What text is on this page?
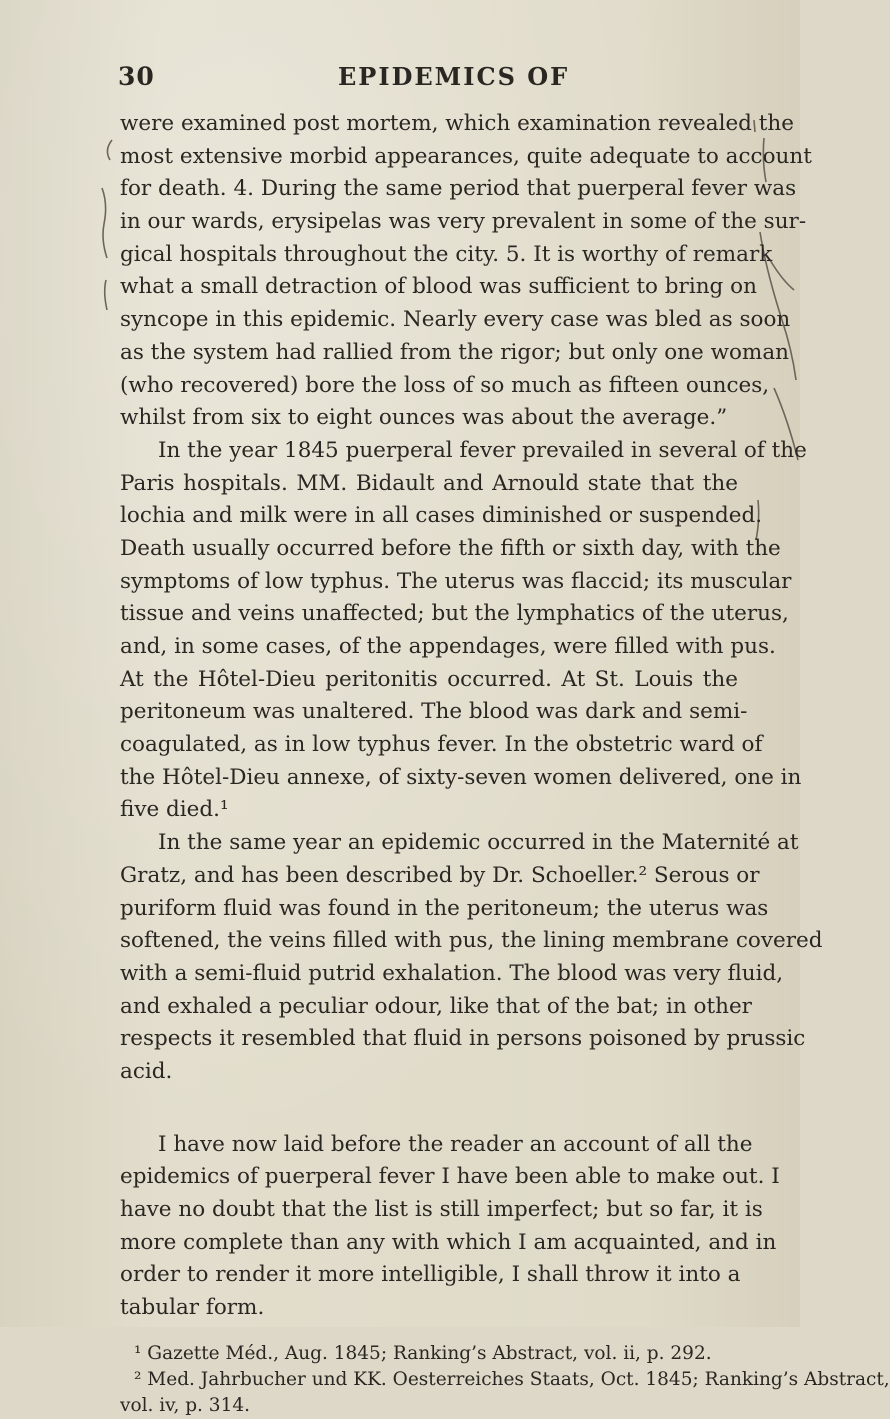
30	EPIDEMICS OF
were examined post mortem, which examination revealed the
most extensive morbid appearances, quite adequate to account
for death. 4. During the same period that puerperal fever was
in our wards, erysipelas was very prevalent in some of the sur-
gical hospitals throughout the city. 5. It is worthy of remark
what a small detraction of blood was sufficient to bring on
syncope in this epidemic. Nearly every case was bled as soon
as the system had rallied from the rigor; but only one woman
(who recovered) bore the loss of so much as fifteen ounces,
whilst from six to eight ounces was about the average.”
In the year 1845 puerperal fever prevailed in several of the
Paris hospitals. MM. Bidault and Arnould state that the
lochia and milk were in all cases diminished or suspended.
Death usually occurred before the fifth or sixth day, with the
symptoms of low typhus. The uterus was flaccid; its muscular
tissue and veins unaffected; but the lymphatics of the uterus,
and, in some cases, of the appendages, were filled with pus.
At the Hôtel-Dieu peritonitis occurred. At St. Louis the
peritoneum was unaltered. The blood was dark and semi-
coagulated, as in low typhus fever. In the obstetric ward of
the Hôtel-Dieu annexe, of sixty-seven women delivered, one in
five died.¹
In the same year an epidemic occurred in the Maternité at
Gratz, and has been described by Dr. Schoeller.² Serous or
puriform fluid was found in the peritoneum; the uterus was
softened, the veins filled with pus, the lining membrane covered
with a semi-fluid putrid exhalation. The blood was very fluid,
and exhaled a peculiar odour, like that of the bat; in other
respects it resembled that fluid in persons poisoned by prussic
acid.
I have now laid before the reader an account of all the
epidemics of puerperal fever I have been able to make out. I
have no doubt that the list is still imperfect; but so far, it is
more complete than any with which I am acquainted, and in
order to render it more intelligible, I shall throw it into a
tabular form.
¹ Gazette Méd., Aug. 1845; Ranking’s Abstract, vol. ii, p. 292.
² Med. Jahrbucher und KK. Oesterreiches Staats, Oct. 1845; Ranking’s Abstract,
vol. iv, p. 314.
